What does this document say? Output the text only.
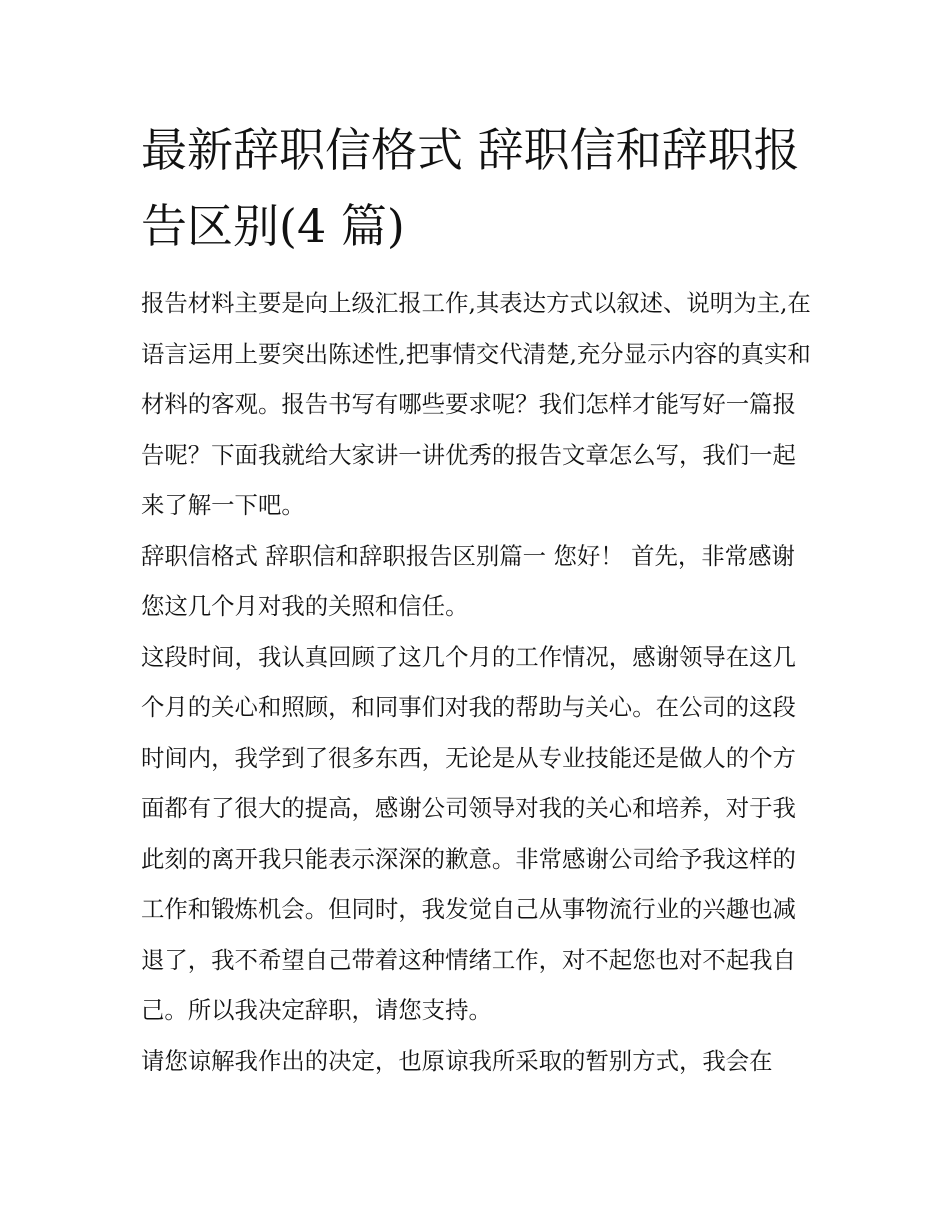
最新辞职信格式 辞职信和辞职报告区别(4 篇)

报告材料主要是向上级汇报工作,其表达方式以叙述、说明为主,在语言运用上要突出陈述性,把事情交代清楚,充分显示内容的真实和材料的客观。报告书写有哪些要求呢？我们怎样才能写好一篇报告呢？下面我就给大家讲一讲优秀的报告文章怎么写，我们一起来了解一下吧。

辞职信格式 辞职信和辞职报告区别篇一 您好！ 首先，非常感谢您这几个月对我的关照和信任。

这段时间，我认真回顾了这几个月的工作情况，感谢领导在这几个月的关心和照顾，和同事们对我的帮助与关心。在公司的这段时间内，我学到了很多东西，无论是从专业技能还是做人的个方面都有了很大的提高，感谢公司领导对我的关心和培养，对于我此刻的离开我只能表示深深的歉意。非常感谢公司给予我这样的工作和锻炼机会。但同时，我发觉自己从事物流行业的兴趣也减退了，我不希望自己带着这种情绪工作，对不起您也对不起我自己。所以我决定辞职，请您支持。

请您谅解我作出的决定，也原谅我所采取的暂别方式，我会在
